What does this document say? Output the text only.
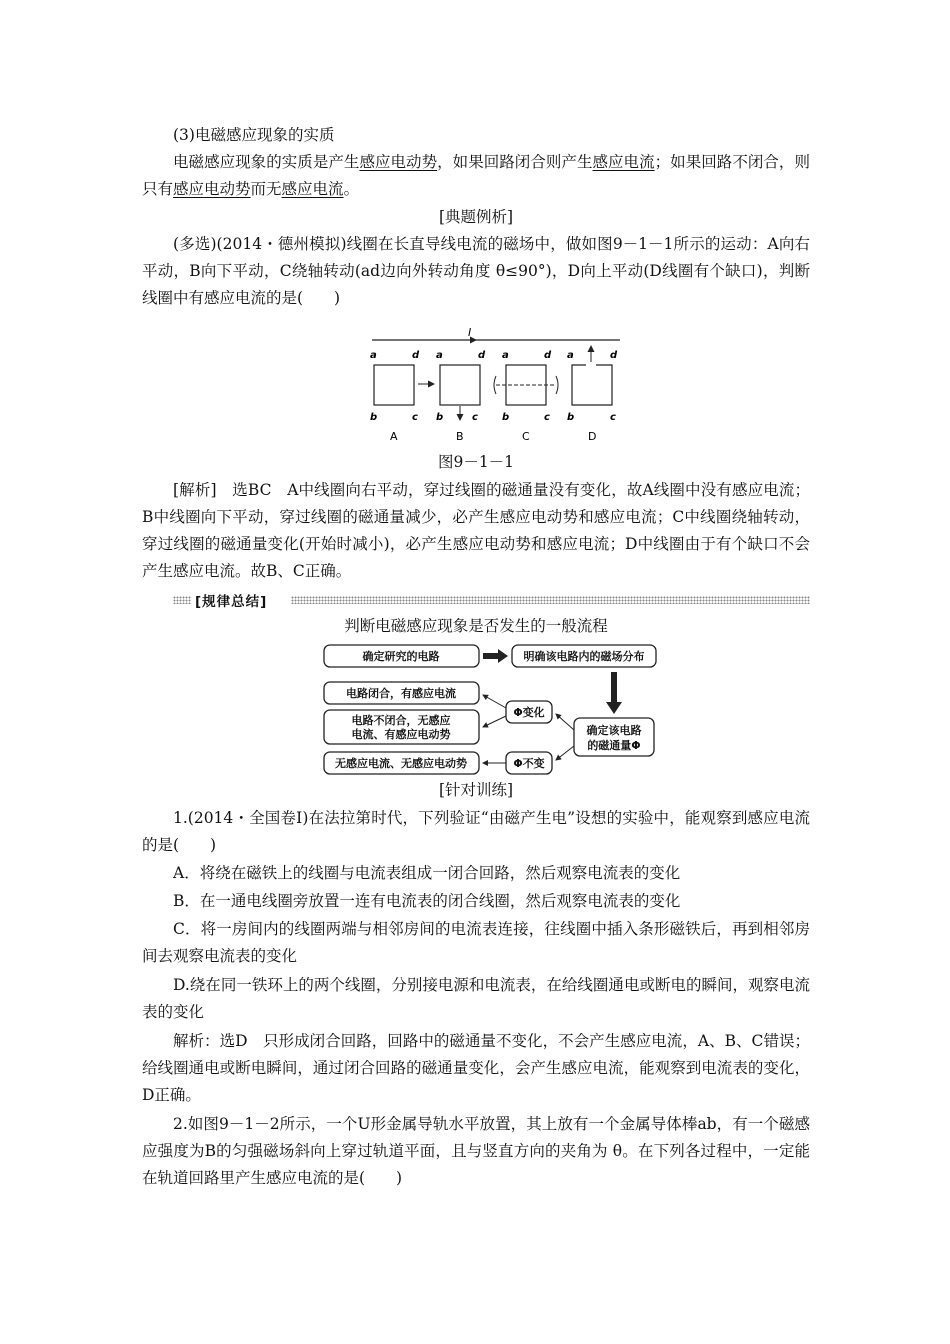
(3)电磁感应现象的实质
电磁感应现象的实质是产生感应电动势，如果回路闭合则产生感应电流；如果回路不闭合，则只有感应电动势而无感应电流。
[典题例析]
(多选)(2014・德州模拟)线圈在长直导线电流的磁场中，做如图9－1－1所示的运动：A向右平动，B向下平动，C绕轴转动(ad边向外转动角度 θ≤90°)，D向上平动(D线圈有个缺口)，判断线圈中有感应电流的是(　　)
I
a	d
b	c
A
a	d
b	c
B
a	d
b	c
C
a	d
b	c
D
图9－1－1
[解析]　选BC　A中线圈向右平动，穿过线圈的磁通量没有变化，故A线圈中没有感应电流；B中线圈向下平动，穿过线圈的磁通量减少，必产生感应电动势和感应电流；C中线圈绕轴转动，穿过线圈的磁通量变化(开始时减小)，必产生感应电动势和感应电流；D中线圈由于有个缺口不会产生感应电流。故B、C正确。
[规律总结]
判断电磁感应现象是否发生的一般流程
确定研究的电路	明确该电路内的磁场分布
电路闭合，有感应电流
电路不闭合，无感应
电流、有感应电动势
无感应电流、无感应电动势
Φ变化
Φ不变
确定该电路
的磁通量Φ
[针对训练]
1.(2014・全国卷Ⅰ)在法拉第时代，下列验证“由磁产生电”设想的实验中，能观察到感应电流的是(　　)
A．将绕在磁铁上的线圈与电流表组成一闭合回路，然后观察电流表的变化
B．在一通电线圈旁放置一连有电流表的闭合线圈，然后观察电流表的变化
C．将一房间内的线圈两端与相邻房间的电流表连接，往线圈中插入条形磁铁后，再到相邻房间去观察电流表的变化
D.绕在同一铁环上的两个线圈，分别接电源和电流表，在给线圈通电或断电的瞬间，观察电流表的变化
解析：选D　只形成闭合回路，回路中的磁通量不变化，不会产生感应电流，A、B、C错误；给线圈通电或断电瞬间，通过闭合回路的磁通量变化，会产生感应电流，能观察到电流表的变化，D正确。
2.如图9－1－2所示，一个U形金属导轨水平放置，其上放有一个金属导体棒ab，有一个磁感应强度为B的匀强磁场斜向上穿过轨道平面，且与竖直方向的夹角为 θ。在下列各过程中，一定能在轨道回路里产生感应电流的是(　　)
